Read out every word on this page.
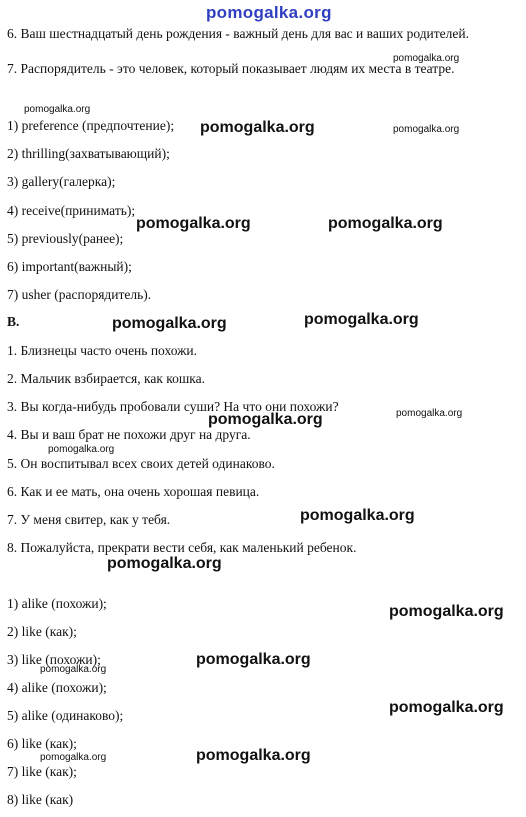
pomogalka.org
6. Ваш шестнадцатый день рождения - важный день для вас и ваших родителей.
7. Распорядитель - это человек, который показывает людям их места в театре.
1) preference (предпочтение);
2) thrilling(захватывающий);
3) gallery(галерка);
4) receive(принимать);
5) previously(ранее);
6) important(важный);
7) usher (распорядитель).
B.
1. Близнецы часто очень похожи.
2. Мальчик взбирается, как кошка.
3. Вы когда-нибудь пробовали суши? На что они похожи?
4. Вы и ваш брат не похожи друг на друга.
5. Он воспитывал всех своих детей одинаково.
6. Как и ее мать, она очень хорошая певица.
7. У меня свитер, как у тебя.
8. Пожалуйста, прекрати вести себя, как маленький ребенок.
1) alike (похожи);
2) like (как);
3) like (похожи);
4) alike (похожи);
5) alike (одинаково);
6) like (как);
7) like (как);
8) like (как)
pomogalka.org
pomogalka.org
pomogalka.org	pomogalka.org
pomogalka.org	pomogalka.org
pomogalka.org	pomogalka.org
pomogalka.org
pomogalka.org
pomogalka.org
pomogalka.org
pomogalka.org
pomogalka.org
pomogalka.org
pomogalka.org
pomogalka.org
pomogalka.org
pomogalka.org
